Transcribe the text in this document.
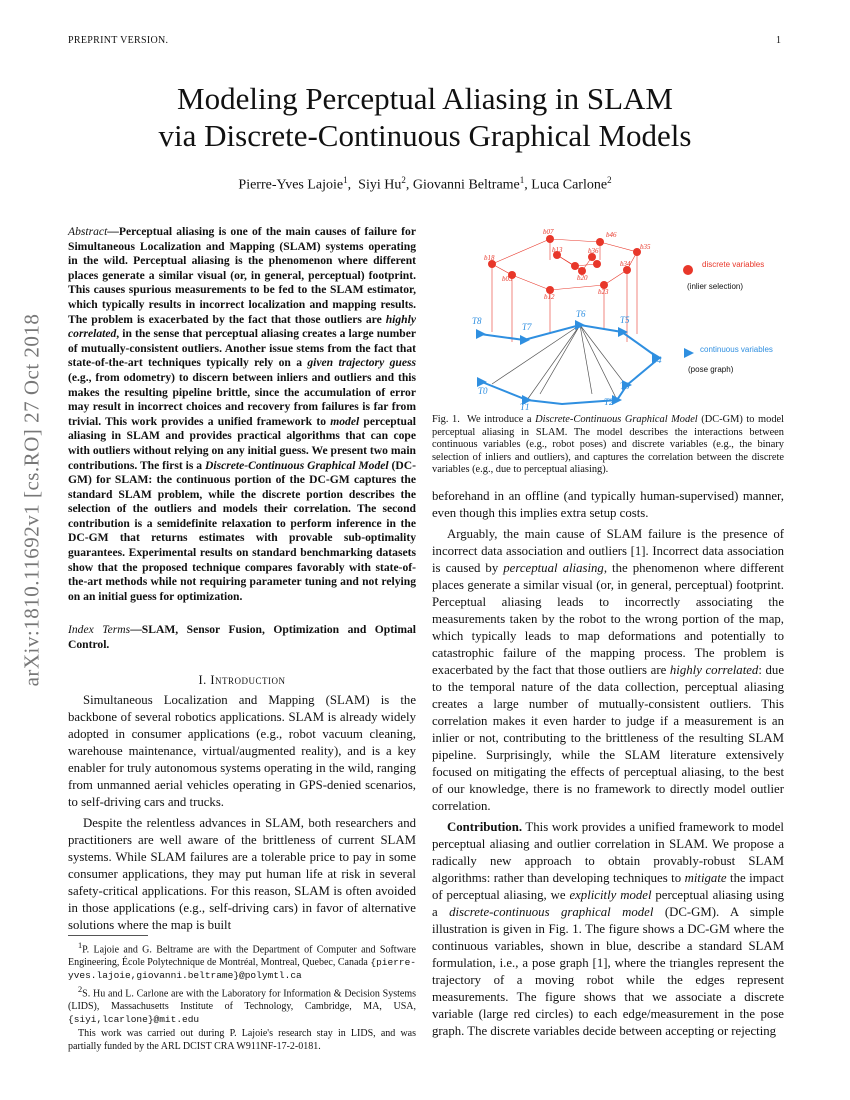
PREPRINT VERSION.	1
arXiv:1810.11692v1 [cs.RO] 27 Oct 2018
Modeling Perceptual Aliasing in SLAM
via Discrete-Continuous Graphical Models
Pierre-Yves Lajoie$^1$,  Siyi Hu$^2$, Giovanni Beltrame$^1$, Luca Carlone$^2$
Abstract—Perceptual aliasing is one of the main causes of failure for Simultaneous Localization and Mapping (SLAM) systems operating in the wild. Perceptual aliasing is the phenomenon where different places generate a similar visual (or, in general, perceptual) footprint. This causes spurious measurements to be fed to the SLAM estimator, which typically results in incorrect localization and mapping results. The problem is exacerbated by the fact that those outliers are highly correlated, in the sense that perceptual aliasing creates a large number of mutually-consistent outliers. Another issue stems from the fact that state-of-the-art techniques typically rely on a given trajectory guess (e.g., from odometry) to discern between inliers and outliers and this makes the resulting pipeline brittle, since the accumulation of error may result in incorrect choices and recovery from failures is far from trivial. This work provides a unified framework to model perceptual aliasing in SLAM and provides practical algorithms that can cope with outliers without relying on any initial guess. We present two main contributions. The first is a Discrete-Continuous Graphical Model (DC-GM) for SLAM: the continuous portion of the DC-GM captures the standard SLAM problem, while the discrete portion describes the selection of the outliers and models their correlation. The second contribution is a semidefinite relaxation to perform inference in the DC-GM that returns estimates with provable sub-optimality guarantees. Experimental results on standard benchmarking datasets show that the proposed technique compares favorably with state-of-the-art methods while not requiring parameter tuning and not relying on an initial guess for optimization.
Index Terms—SLAM, Sensor Fusion, Optimization and Optimal Control.
I. Introduction

Simultaneous Localization and Mapping (SLAM) is the backbone of several robotics applications. SLAM is already widely adopted in consumer applications (e.g., robot vacuum cleaning, warehouse maintenance, virtual/augmented reality), and is a key enabler for truly autonomous systems operating in the wild, ranging from unmanned aerial vehicles operating in GPS-denied scenarios, to self-driving cars and trucks.

Despite the relentless advances in SLAM, both researchers and practitioners are well aware of the brittleness of current SLAM systems. While SLAM failures are a tolerable price to pay in some consumer applications, they may put human life at risk in several safety-critical applications. For this reason, SLAM is often avoided in those applications (e.g., self-driving cars) in favor of alternative solutions where the map is built

$^1$P. Lajoie and G. Beltrame are with the Department of Computer and Software Engineering, École Polytechnique de Montréal, Montreal, Quebec, Canada {pierre-yves.lajoie,giovanni.beltrame}@polymtl.ca
$^2$S. Hu and L. Carlone are with the Laboratory for Information & Decision Systems (LIDS), Massachusetts Institute of Technology, Cambridge, MA, USA, {siyi,lcarlone}@mit.edu
This work was carried out during P. Lajoie's research stay in LIDS, and was partially funded by the ARL DCIST CRA W911NF-17-2-0181.
b07	b46
b18
b03
b13	b36	b35
b34
b20
b12
b23
T8
T7
T6
T5
T4
T3
T2
T1
T0
discrete variables
(inlier selection)
continuous variables
(pose graph)
Fig. 1. We introduce a Discrete-Continuous Graphical Model (DC-GM) to model perceptual aliasing in SLAM. The model describes the interactions between continuous variables (e.g., robot poses) and discrete variables (e.g., the binary selection of inliers and outliers), and captures the correlation between the discrete variables (e.g., due to perceptual aliasing).

beforehand in an offline (and typically human-supervised) manner, even though this implies extra setup costs.

Arguably, the main cause of SLAM failure is the presence of incorrect data association and outliers [1]. Incorrect data association is caused by perceptual aliasing, the phenomenon where different places generate a similar visual (or, in general, perceptual) footprint. Perceptual aliasing leads to incorrectly associating the measurements taken by the robot to the wrong portion of the map, which typically leads to map deformations and potentially to catastrophic failure of the mapping process. The problem is exacerbated by the fact that those outliers are highly correlated: due to the temporal nature of the data collection, perceptual aliasing creates a large number of mutually-consistent outliers. This correlation makes it even harder to judge if a measurement is an inlier or not, contributing to the brittleness of the resulting SLAM pipeline. Surprisingly, while the SLAM literature extensively focused on mitigating the effects of perceptual aliasing, to the best of our knowledge, there is no framework to directly model outlier correlation.

Contribution. This work provides a unified framework to model perceptual aliasing and outlier correlation in SLAM. We propose a radically new approach to obtain provably-robust SLAM algorithms: rather than developing techniques to mitigate the impact of perceptual aliasing, we explicitly model perceptual aliasing using a discrete-continuous graphical model (DC-GM). A simple illustration is given in Fig. 1. The figure shows a DC-GM where the continuous variables, shown in blue, describe a standard SLAM formulation, i.e., a pose graph [1], where the triangles represent the trajectory of a moving robot while the edges represent measurements. The figure shows that we associate a discrete variable (large red circles) to each edge/measurement in the pose graph. The discrete variables decide between accepting or rejecting
